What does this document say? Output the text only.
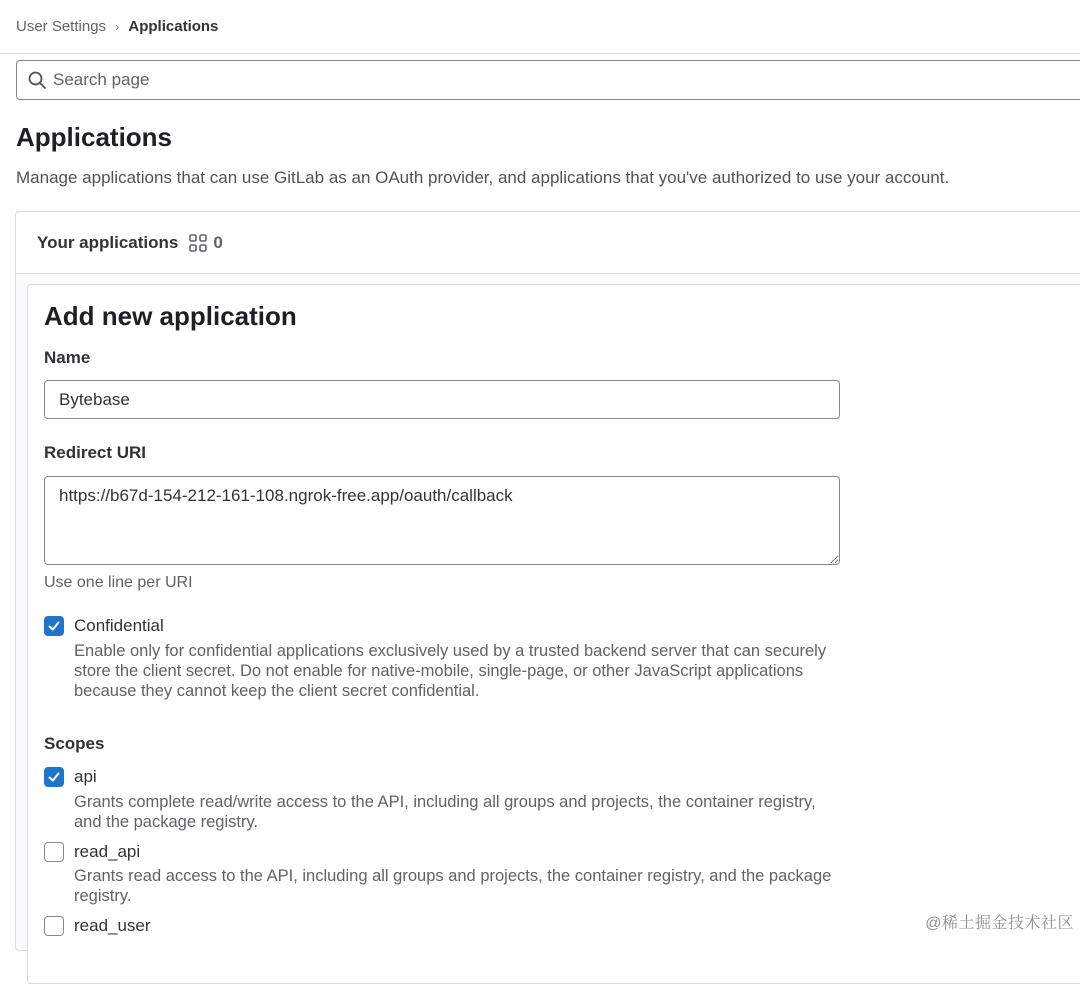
User Settings › Applications
Search page
Applications

Manage applications that can use GitLab as an OAuth provider, and applications that you've authorized to use your account.

Your applications 0
Add new application
Name
Bytebase
Redirect URI
https://b67d-154-212-161-108.ngrok-free.app/oauth/callback
Use one line per URI
Confidential
Enable only for confidential applications exclusively used by a trusted backend server that can securely store the client secret. Do not enable for native-mobile, single-page, or other JavaScript applications because they cannot keep the client secret confidential.
Scopes
api
Grants complete read/write access to the API, including all groups and projects, the container registry, and the package registry.
read_api
Grants read access to the API, including all groups and projects, the container registry, and the package registry.
read_user
@稀土掘金技术社区
